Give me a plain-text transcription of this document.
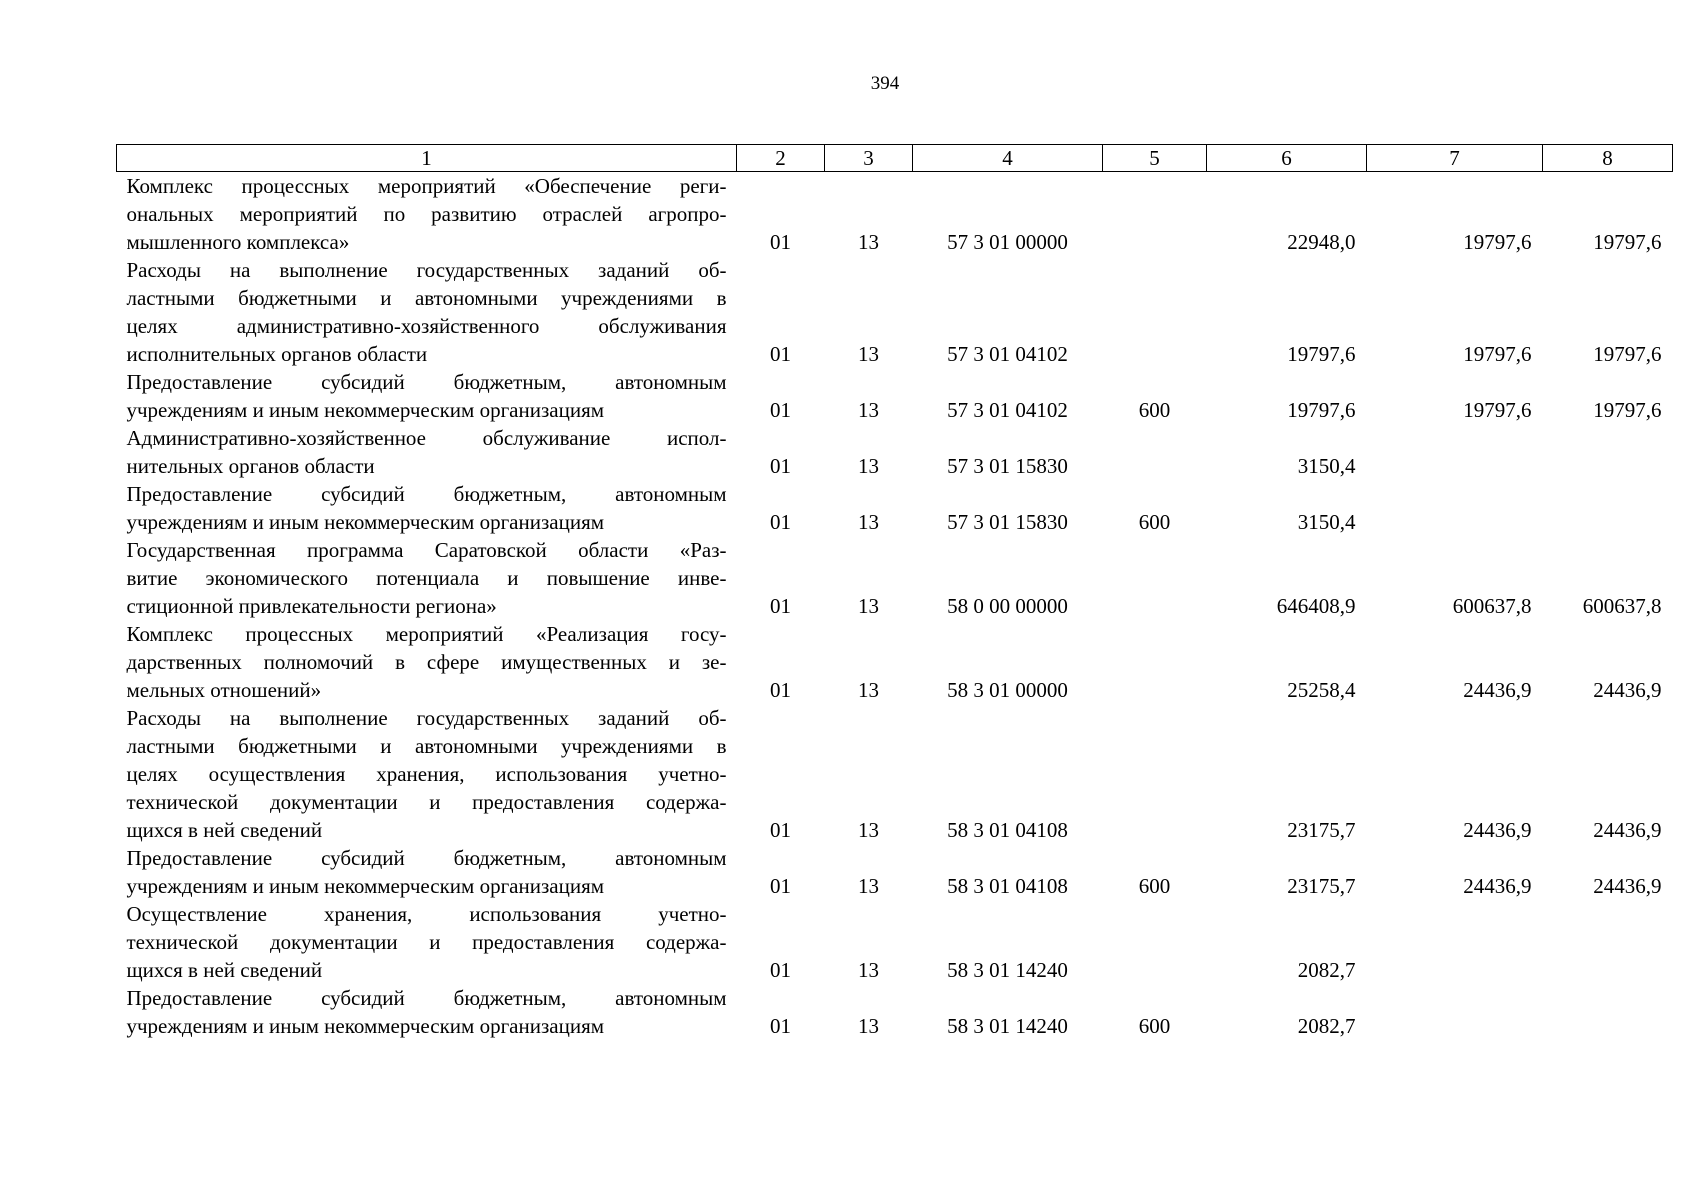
394
1	2	3	4	5	6	7	8

Комплекс процессных мероприятий «Обеспечение реги-
ональных мероприятий по развитию отраслей агропро-
мышленного комплекса»	01	13	57 3 01 00000		22948,0	19797,6	19797,6

Расходы на выполнение государственных заданий об-
ластными бюджетными и автономными учреждениями в
целях административно-хозяйственного обслуживания
исполнительных органов области	01	13	57 3 01 04102		19797,6	19797,6	19797,6

Предоставление субсидий бюджетным, автономным
учреждениям и иным некоммерческим организациям	01	13	57 3 01 04102	600	19797,6	19797,6	19797,6

Административно-хозяйственное обслуживание испол-
нительных органов области	01	13	57 3 01 15830		3150,4		

Предоставление субсидий бюджетным, автономным
учреждениям и иным некоммерческим организациям	01	13	57 3 01 15830	600	3150,4		

Государственная программа Саратовской области «Раз-
витие экономического потенциала и повышение инве-
стиционной привлекательности региона»	01	13	58 0 00 00000		646408,9	600637,8	600637,8

Комплекс процессных мероприятий «Реализация госу-
дарственных полномочий в сфере имущественных и зе-
мельных отношений»	01	13	58 3 01 00000		25258,4	24436,9	24436,9

Расходы на выполнение государственных заданий об-
ластными бюджетными и автономными учреждениями в
целях осуществления хранения, использования учетно-
технической документации и предоставления содержа-
щихся в ней сведений	01	13	58 3 01 04108		23175,7	24436,9	24436,9

Предоставление субсидий бюджетным, автономным
учреждениям и иным некоммерческим организациям	01	13	58 3 01 04108	600	23175,7	24436,9	24436,9

Осуществление хранения, использования учетно-
технической документации и предоставления содержа-
щихся в ней сведений	01	13	58 3 01 14240		2082,7		

Предоставление субсидий бюджетным, автономным
учреждениям и иным некоммерческим организациям	01	13	58 3 01 14240	600	2082,7		
